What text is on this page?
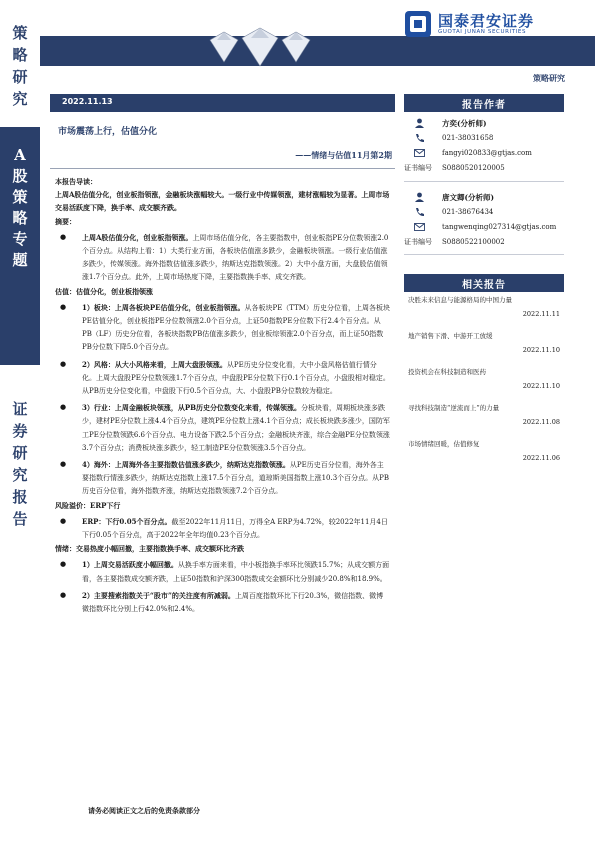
策略研究
A股策略专题
证券研究报告
国泰君安证券
GUOTAI JUNAN SECURITIES
策略研究
2022.11.13
市场震荡上行，估值分化
——情绪与估值11月第2期

本报告导读：

上周A股估值分化，创业板指领涨，金融板块涨幅较大。一级行业中传媒领涨，建材涨幅较为显著。上周市场交易活跃度下降，换手率、成交额齐跌。

摘要：

● 上周A股估值分化，创业板指领涨。上周市场估值分化，各主要指数中，创业板指PE分位数领涨2.0个百分点。从结构上看：1）大类行业方面，各板块估值涨多跌少，金融板块领涨。一级行业估值涨多跌少，传媒领涨。海外指数估值涨多跌少，纳斯达克指数领涨。2）大中小盘方面，大盘股估值领涨1.7个百分点。此外，上周市场热度下降，主要指数换手率、成交齐跌。

估值：估值分化，创业板指领涨

● 1）板块：上周各板块PE估值分化，创业板指领涨。从各板块PE（TTM）历史分位看，上周各板块PE估值分化，创业板指PE分位数领涨2.0个百分点，上证50指数PE分位数下行2.4个百分点。从PB（LF）历史分位看，各板块指数PB估值涨多跌少，创业板综领涨2.0个百分点，而上证50指数PB分位数下降5.0个百分点。
● 2）风格：从大小风格来看，上周大盘股领涨。从PE历史分位变化看，大中小盘风格估值行情分化。上周大盘股PE分位数领涨1.7个百分点，中盘股PE分位数下行0.1个百分点，小盘股相对稳定。从PB历史分位变化看，中盘股下行0.5个百分点，大、小盘股PB分位数较为稳定。
● 3）行业：上周金融板块领涨，从PB历史分位数变化来看，传媒领涨。分板块看，周期板块涨多跌少，建材PE分位数上涨4.4个百分点，建筑PE分位数上涨4.1个百分点；成长板块跌多涨少，国防军工PE分位数领跌6.6个百分点、电力设备下跌2.5个百分点；金融板块齐涨，综合金融PE分位数领涨3.7个百分点；消费板块涨多跌少，轻工制造PE分位数领涨3.5个百分点。
● 4）海外：上周海外各主要指数估值涨多跌少，纳斯达克指数领涨。从PE历史百分位看，海外各主要指数行情涨多跌少，纳斯达克指数上涨17.5个百分点，道琼斯美国指数上涨10.3个百分点。从PB历史百分位看，海外指数齐涨，纳斯达克指数领涨7.2个百分点。

风险溢价：ERP下行

● ERP：下行0.05个百分点。截至2022年11月11日，万得全A ERP为4.72%，较2022年11月4日下行0.05个百分点，高于2022年全年均值0.23个百分点。

情绪：交易热度小幅回撤，主要指数换手率、成交额环比齐跌

● 1）上周交易活跃度小幅回撤。从换手率方面来看，中小板指换手率环比领跌15.7%；从成交额方面看，各主要指数成交额齐跌，上证50指数和沪深300指数成交金额环比分别减少20.8%和18.9%。
● 2）主要搜索指数关于“股市”的关注度有所减弱。上周百度指数环比下行20.3%，微信指数、微博微指数环比分别上行42.0%和2.4%。
报告作者
方奕(分析师)
021-38031658
fangyi020833@gtjas.com
证书编号 S0880520120005
唐文卿(分析师)
021-38676434
tangwenqing027314@gtjas.com
证书编号 S0880522100002
相关报告
决胜未来信息与能源格局的中国力量
2022.11.11
地产销售下滑、中游开工放缓
2022.11.10
投资机会在科技制造和医药
2022.11.10
寻找科技制造“逆流而上”的力量
2022.11.08
市场情绪回暖，估值修复
2022.11.06
请务必阅读正文之后的免责条款部分
